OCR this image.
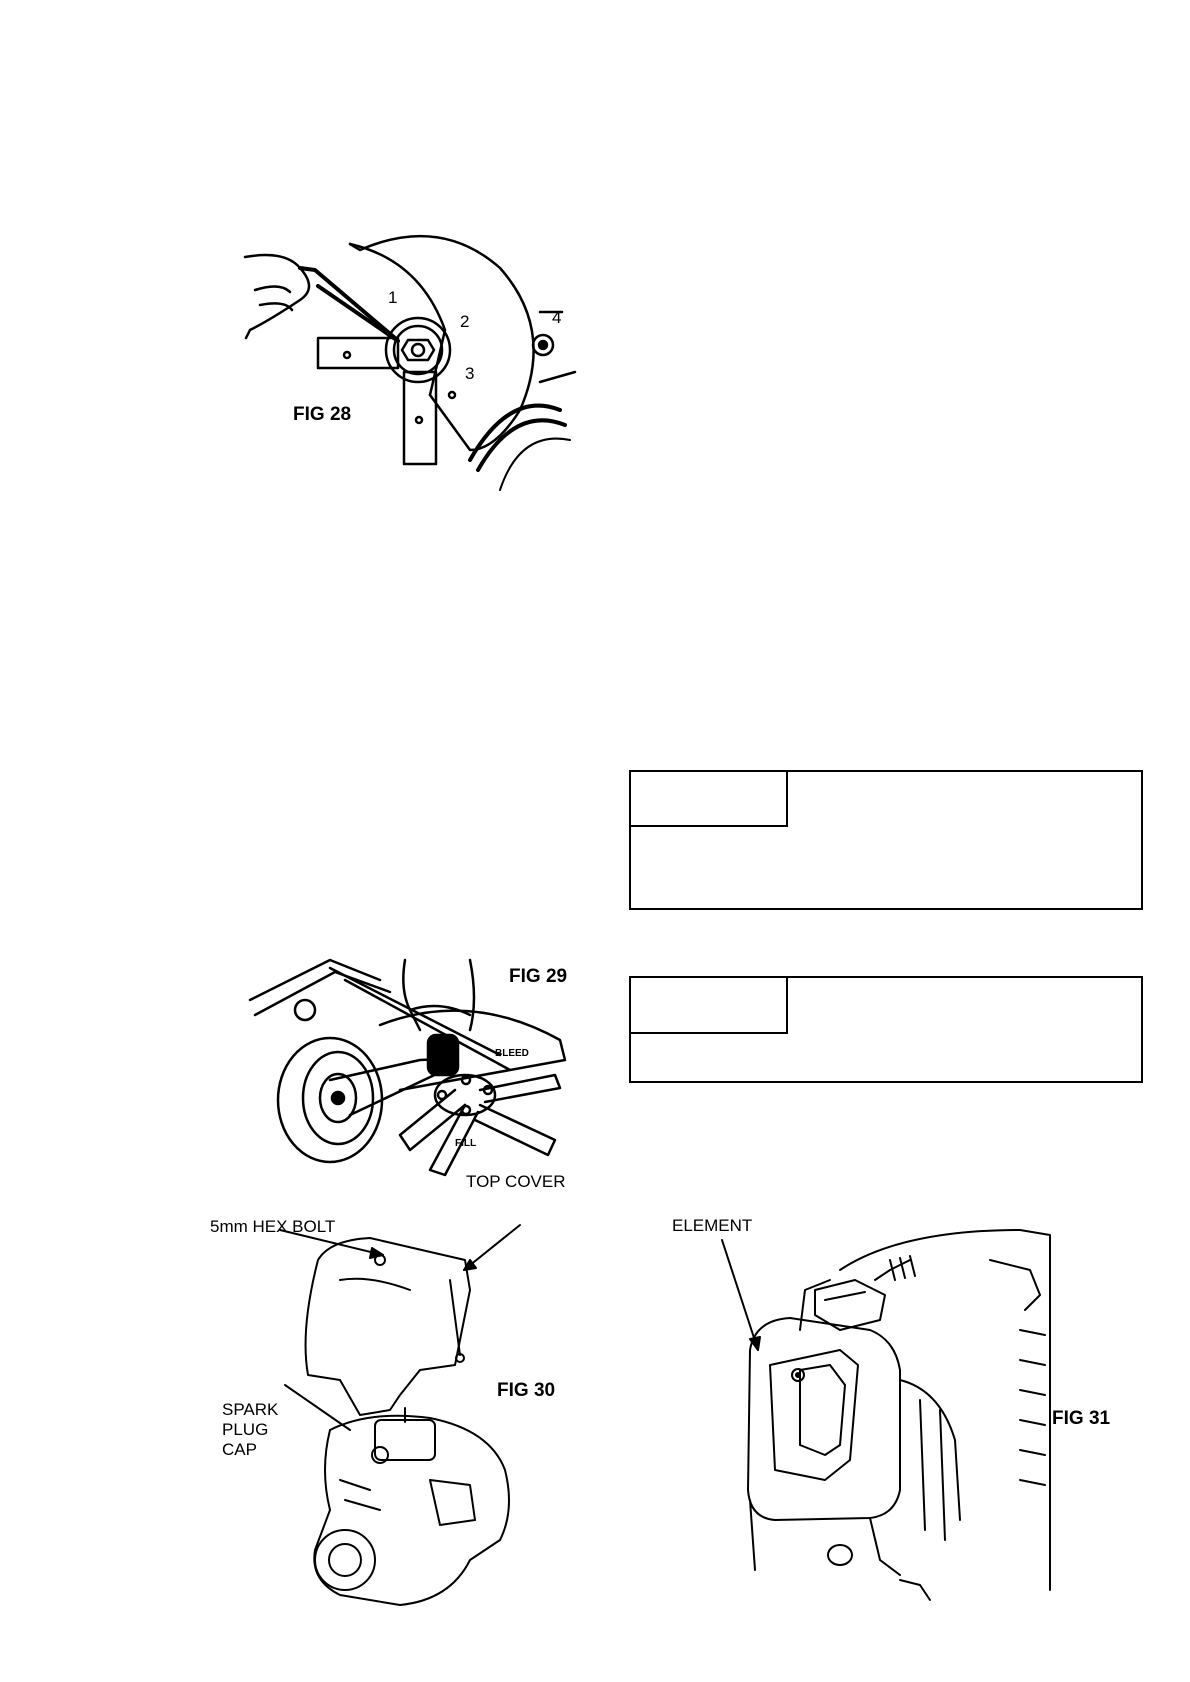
1
2
3
4
FIG 28
FIG 29
BLEED
FILL
TOP COVER
5mm HEX BOLT
FIG 30
SPARK
PLUG
CAP
ELEMENT
FIG 31
